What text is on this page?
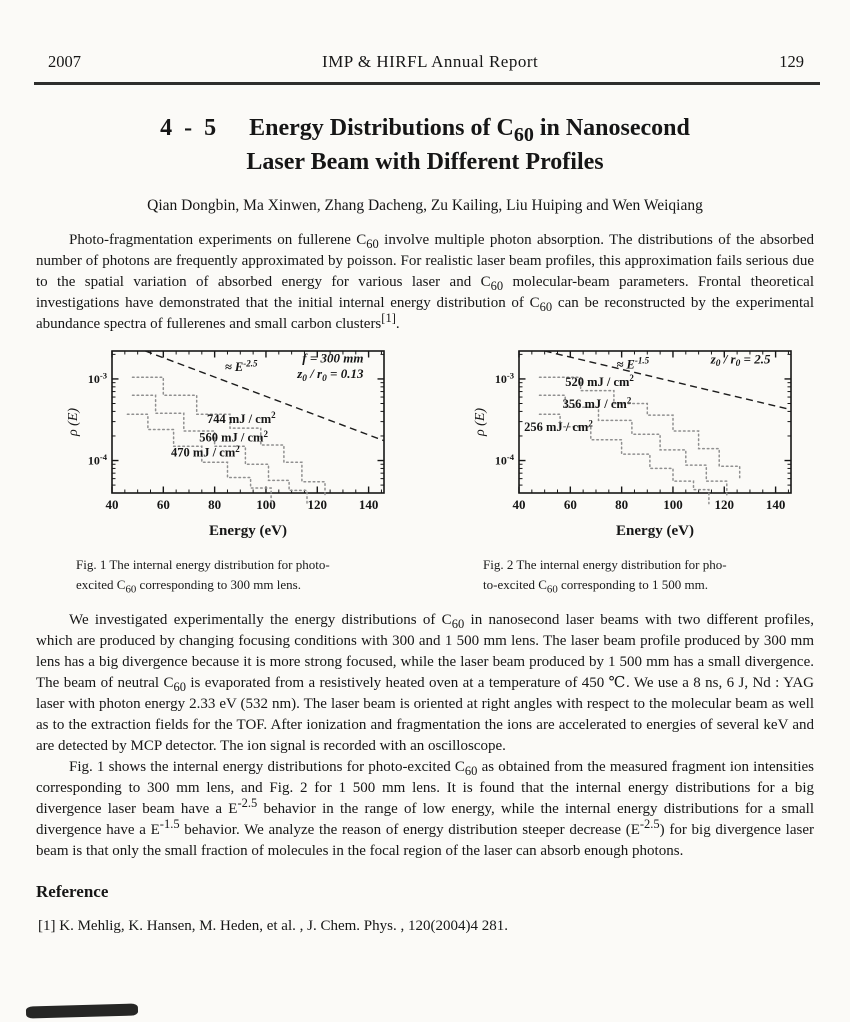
2007	IMP & HIRFL Annual Report	129
4 - 5 Energy Distributions of $C_{60}$ in Nanosecond
Laser Beam with Different Profiles
Qian Dongbin, Ma Xinwen, Zhang Dacheng, Zu Kailing, Liu Huiping and Wen Weiqiang

Photo-fragmentation experiments on fullerene $C_{60}$ involve multiple photon absorption. The distributions of the absorbed number of photons are frequently approximated by poisson. For realistic laser beam profiles, this approximation fails serious due to the spatial variation of absorbed energy for various laser and $C_{60}$ molecular-beam parameters. Frontal theoretical investigations have demonstrated that the initial internal energy distribution of $C_{60}$ can be reconstructed by the experimental abundance spectra of fullerenes and small carbon clusters[1].

40	60	80	100 120 140
$10^{-3}$
$10^{-4}$
≈ $E^{-2.5}$	f = 300 mm
$z_0 / r_0 = 0.13$
744 mJ / $cm^2$
560 mJ / $cm^2$
470 mJ / $cm^2$
Energy (eV)
ρ (E)
Fig. 1 The internal energy distribution for photo-
excited $C_{60}$ corresponding to 300 mm lens.
40	60	80	100 120 140
$10^{-3}$
$10^{-4}$
≈ $E^{-1.5}$	$z_0 / r_0 = 2.5$
520 mJ / $cm^2$
356 mJ / $cm^2$
256 mJ / $cm^2$
Energy (eV)
ρ (E)
Fig. 2 The internal energy distribution for pho-
to-excited $C_{60}$ corresponding to 1 500 mm.

We investigated experimentally the energy distributions of $C_{60}$ in nanosecond laser beams with two different profiles, which are produced by changing focusing conditions with 300 and 1 500 mm lens. The laser beam profile produced by 300 mm lens has a big divergence because it is more strong focused, while the laser beam produced by 1 500 mm has a small divergence. The beam of neutral $C_{60}$ is evaporated from a resistively heated oven at a temperature of 450 ℃. We use a 8 ns, 6 J, Nd : YAG laser with photon energy 2.33 eV (532 nm). The laser beam is oriented at right angles with respect to the molecular beam as well as to the extraction fields for the TOF. After ionization and fragmentation the ions are accelerated to energies of several keV and are detected by MCP detector. The ion signal is recorded with an oscilloscope.

Fig. 1 shows the internal energy distributions for photo-excited $C_{60}$ as obtained from the measured fragment ion intensities corresponding to 300 mm lens, and Fig. 2 for 1 500 mm lens. It is found that the internal energy distributions for a big divergence laser beam have a $E^{-2.5}$ behavior in the range of low energy, while the internal energy distributions for a small divergence have a $E^{-1.5}$ behavior. We analyze the reason of energy distribution steeper decrease $(E^{-2.5})$ for big divergence laser beam is that only the small fraction of molecules in the focal region of the laser can absorb enough photons.

Reference
[1] K. Mehlig, K. Hansen, M. Heden, et al. , J. Chem. Phys. , 120(2004)4 281.
